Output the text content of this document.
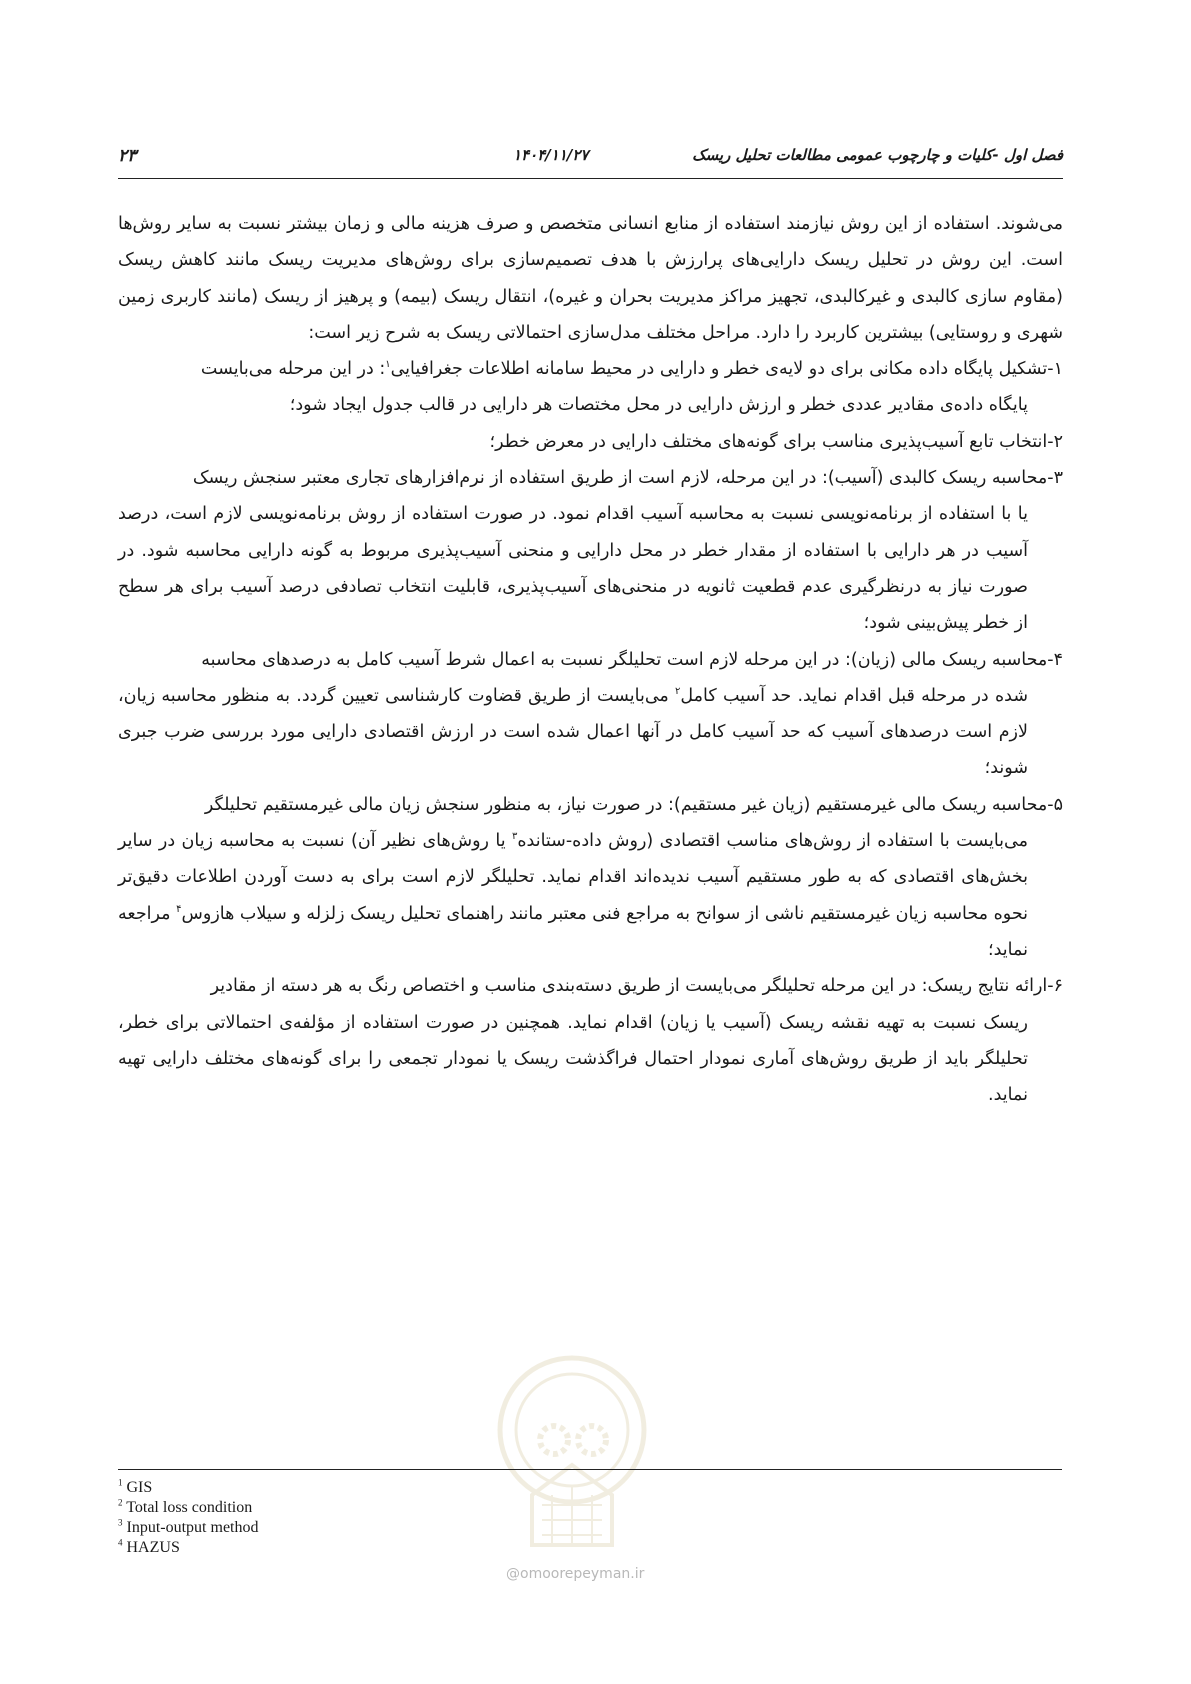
فصل اول -کلیات و چارچوب عمومی مطالعات تحلیل ریسک
۱۴۰۴/۱۱/۲۷
۲۳

می‌شوند. استفاده از این روش نیازمند استفاده از منابع انسانی متخصص و صرف هزینه مالی و زمان بیشتر نسبت به سایر روش‌ها است. این روش در تحلیل ریسک دارایی‌های پرارزش با هدف تصمیم‌سازی برای روش‌های مدیریت ریسک مانند کاهش ریسک (مقاوم سازی کالبدی و غیرکالبدی، تجهیز مراکز مدیریت بحران و غیره)، انتقال ریسک (بیمه) و پرهیز از ریسک (مانند کاربری زمین شهری و روستایی) بیشترین کاربرد را دارد. مراحل مختلف مدل‌سازی احتمالاتی ریسک به شرح زیر است:

۱-تشکیل پایگاه داده مکانی برای دو لایه‌ی خطر و دارایی در محیط سامانه اطلاعات جغرافیایی$^۱$: در این مرحله می‌بایست
پایگاه داده‌ی مقادیر عددی خطر و ارزش دارایی در محل مختصات هر دارایی در قالب جدول ایجاد شود؛
۲-انتخاب تابع آسیب‌پذیری مناسب برای گونه‌های مختلف دارایی در معرض خطر؛
۳-محاسبه ریسک کالبدی (آسیب): در این مرحله، لازم است از طریق استفاده از نرم‌افزارهای تجاری معتبر سنجش ریسک
یا با استفاده از برنامه‌نویسی نسبت به محاسبه آسیب اقدام نمود. در صورت استفاده از روش برنامه‌نویسی لازم است، درصد آسیب در هر دارایی با استفاده از مقدار خطر در محل دارایی و منحنی آسیب‌پذیری مربوط به گونه دارایی محاسبه شود. در صورت نیاز به درنظرگیری عدم قطعیت ثانویه در منحنی‌های آسیب‌پذیری، قابلیت انتخاب تصادفی درصد آسیب برای هر سطح از خطر پیش‌بینی شود؛
۴-محاسبه ریسک مالی (زیان): در این مرحله لازم است تحلیلگر نسبت به اعمال شرط آسیب کامل به درصدهای محاسبه
شده در مرحله قبل اقدام نماید. حد آسیب کامل$^۲$ می‌بایست از طریق قضاوت کارشناسی تعیین گردد. به منظور محاسبه زیان، لازم است درصدهای آسیب که حد آسیب کامل در آنها اعمال شده است در ارزش اقتصادی دارایی مورد بررسی ضرب جبری شوند؛
۵-محاسبه ریسک مالی غیرمستقیم (زیان غیر مستقیم): در صورت نیاز، به منظور سنجش زیان مالی غیرمستقیم تحلیلگر
می‌بایست با استفاده از روش‌های مناسب اقتصادی (روش داده-ستانده$^۳$ یا روش‌های نظیر آن) نسبت به محاسبه زیان در سایر بخش‌های اقتصادی که به طور مستقیم آسیب ندیده‌اند اقدام نماید. تحلیلگر لازم است برای به دست آوردن اطلاعات دقیق‌تر نحوه محاسبه زیان غیرمستقیم ناشی از سوانح به مراجع فنی معتبر مانند راهنمای تحلیل ریسک زلزله و سیلاب هازوس$^۴$ مراجعه نماید؛
۶-ارائه نتایج ریسک: در این مرحله تحلیلگر می‌بایست از طریق دسته‌بندی مناسب و اختصاص رنگ به هر دسته از مقادیر
ریسک نسبت به تهیه نقشه ریسک (آسیب یا زیان) اقدام نماید. همچنین در صورت استفاده از مؤلفه‌ی احتمالاتی برای خطر، تحلیلگر باید از طریق روش‌های آماری نمودار احتمال فراگذشت ریسک یا نمودار تجمعی را برای گونه‌های مختلف دارایی تهیه نماید.
@omoorepeyman.ir
$^1$ GIS
$^2$ Total loss condition
$^3$ Input-output method
$^4$ HAZUS
